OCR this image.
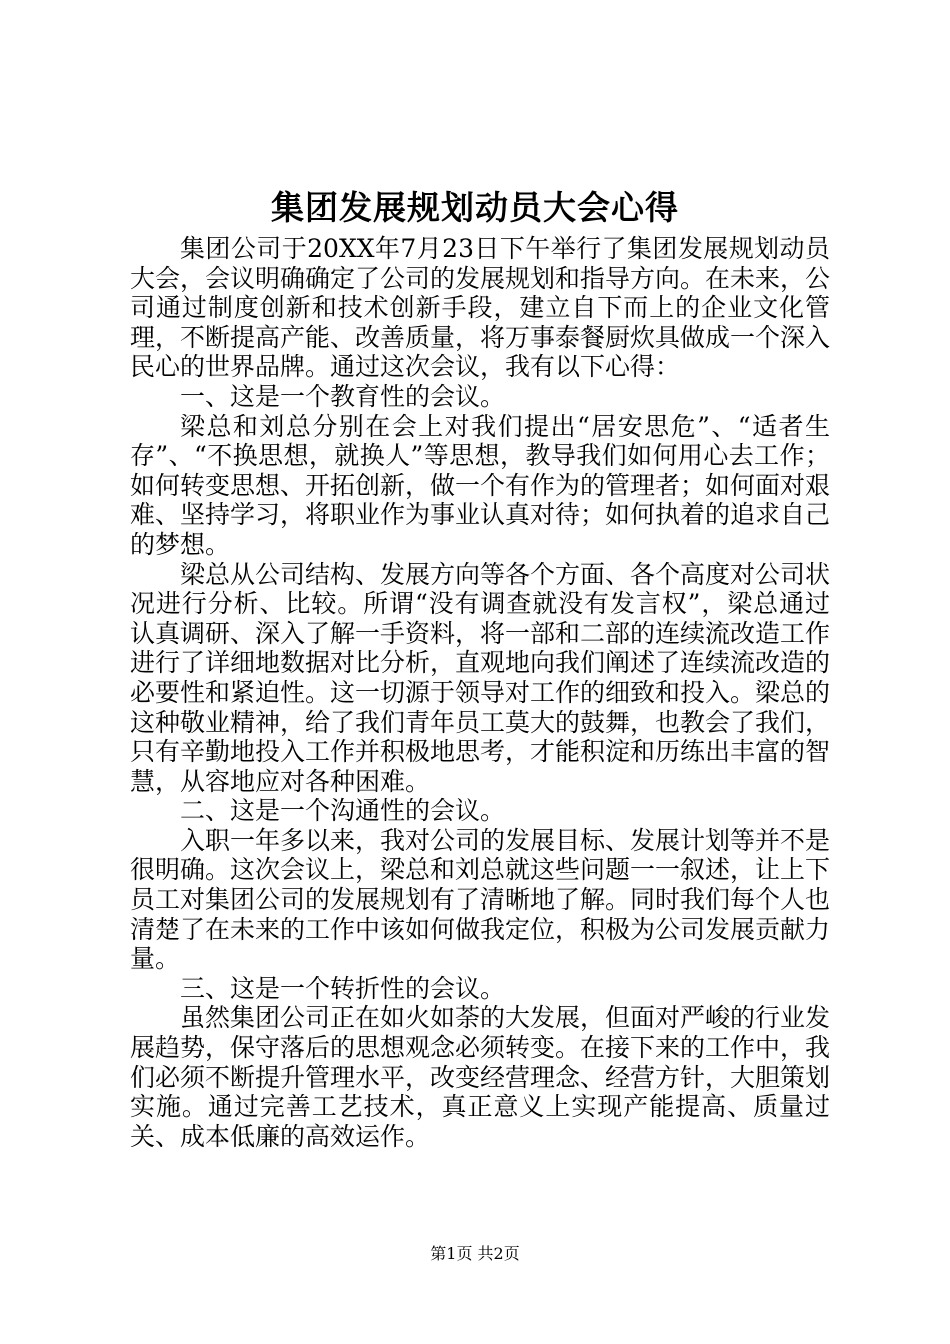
集团发展规划动员大会心得

集团公司于20XX年7月23日下午举行了集团发展规划动员大会，会议明确确定了公司的发展规划和指导方向。在未来，公司通过制度创新和技术创新手段，建立自下而上的企业文化管理，不断提高产能、改善质量，将万事泰餐厨炊具做成一个深入民心的世界品牌。通过这次会议，我有以下心得：

一、这是一个教育性的会议。

梁总和刘总分别在会上对我们提出“居安思危”、“适者生存”、“不换思想，就换人”等思想，教导我们如何用心去工作；如何转变思想、开拓创新，做一个有作为的管理者；如何面对艰难、坚持学习，将职业作为事业认真对待；如何执着的追求自己的梦想。

梁总从公司结构、发展方向等各个方面、各个高度对公司状况进行分析、比较。所谓“没有调查就没有发言权”，梁总通过认真调研、深入了解一手资料，将一部和二部的连续流改造工作进行了详细地数据对比分析，直观地向我们阐述了连续流改造的必要性和紧迫性。这一切源于领导对工作的细致和投入。梁总的这种敬业精神，给了我们青年员工莫大的鼓舞，也教会了我们，只有辛勤地投入工作并积极地思考，才能积淀和历练出丰富的智慧，从容地应对各种困难。

二、这是一个沟通性的会议。

入职一年多以来，我对公司的发展目标、发展计划等并不是很明确。这次会议上，梁总和刘总就这些问题一一叙述，让上下员工对集团公司的发展规划有了清晰地了解。同时我们每个人也清楚了在未来的工作中该如何做我定位，积极为公司发展贡献力量。

三、这是一个转折性的会议。

虽然集团公司正在如火如荼的大发展，但面对严峻的行业发展趋势，保守落后的思想观念必须转变。在接下来的工作中，我们必须不断提升管理水平，改变经营理念、经营方针，大胆策划实施。通过完善工艺技术，真正意义上实现产能提高、质量过关、成本低廉的高效运作。

第1页 共2页
